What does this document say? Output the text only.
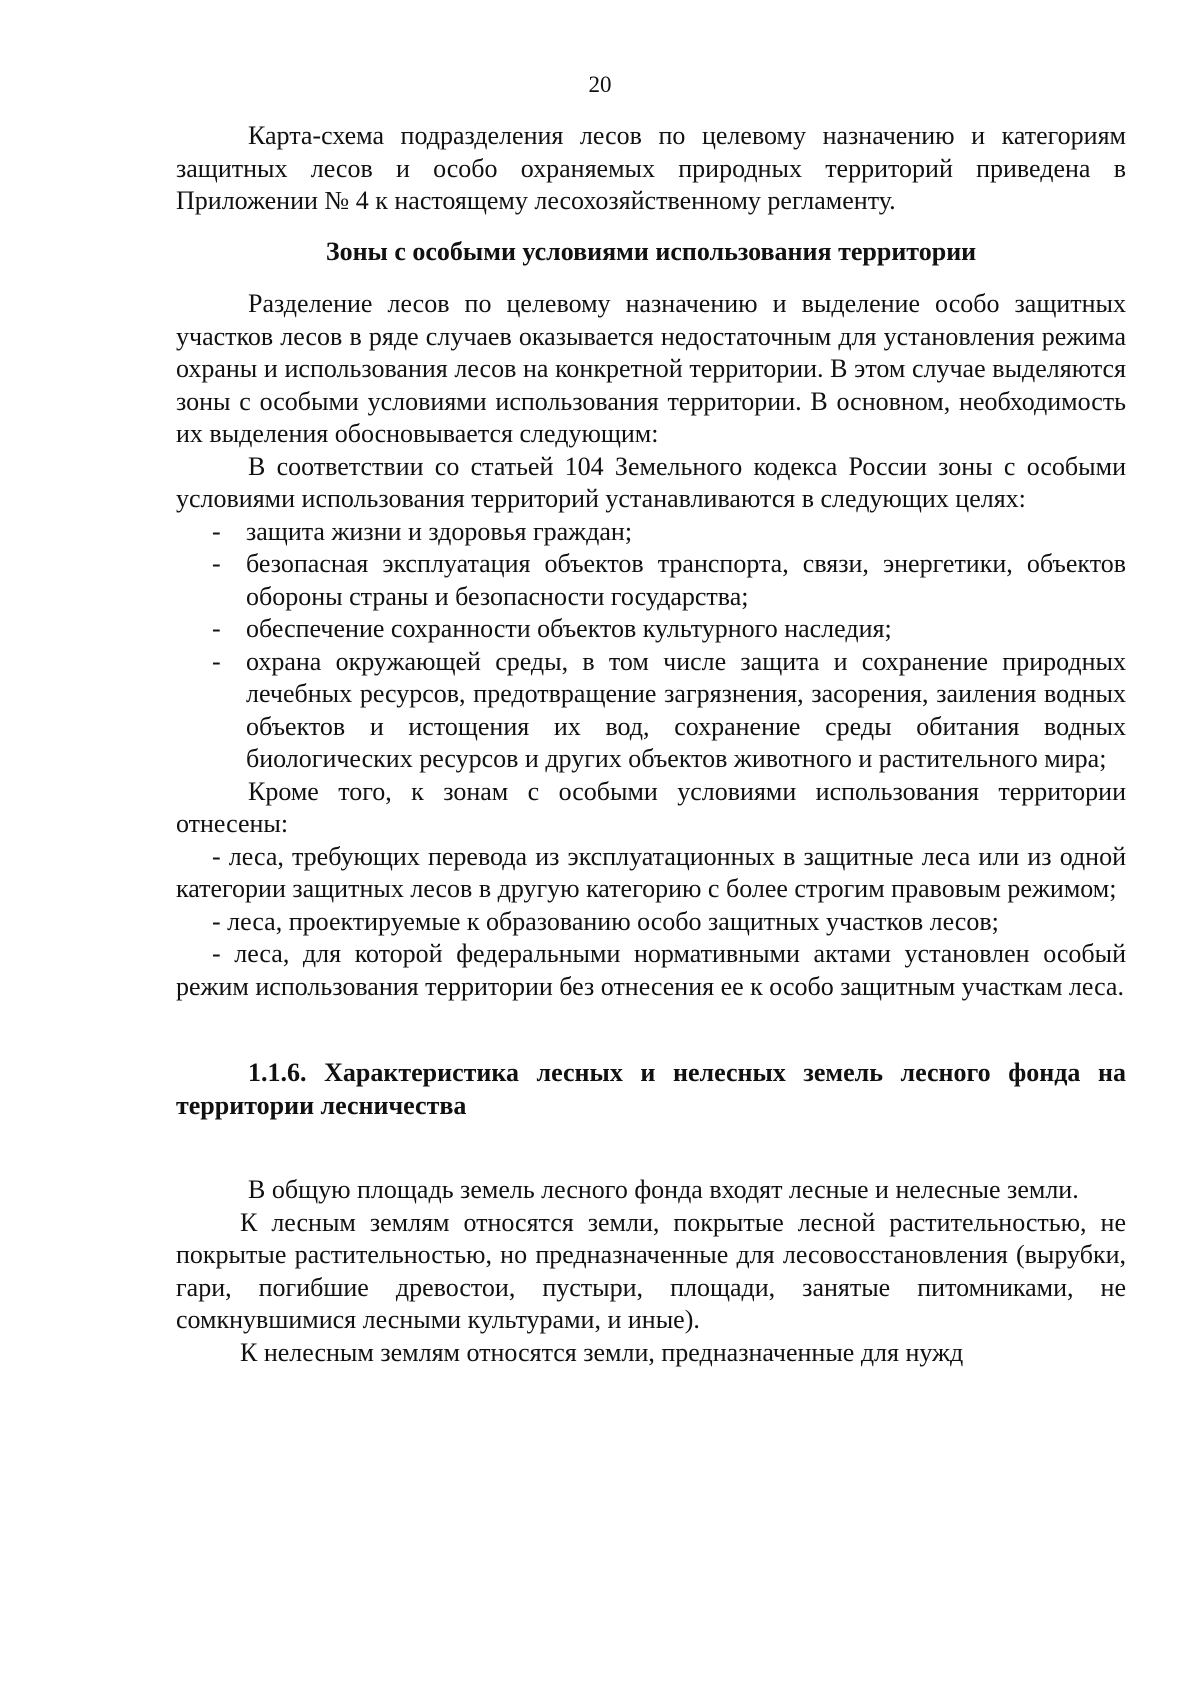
20

Карта-схема подразделения лесов по целевому назначению и категориям защитных лесов и особо охраняемых природных территорий приведена в Приложении № 4 к настоящему лесохозяйственному регламенту.

Зоны с особыми условиями использования территории

Разделение лесов по целевому назначению и выделение особо защитных участков лесов в ряде случаев оказывается недостаточным для установления режима охраны и использования лесов на конкретной территории. В этом случае выделяются зоны с особыми условиями использования территории. В основном, необходимость их выделения обосновывается следующим:

В соответствии со статьей 104 Земельного кодекса России зоны с особыми условиями использования территорий устанавливаются в следующих целях:

- защита жизни и здоровья граждан;
- безопасная эксплуатация объектов транспорта, связи, энергетики, объектов обороны страны и безопасности государства;
- обеспечение сохранности объектов культурного наследия;
- охрана окружающей среды, в том числе защита и сохранение природных лечебных ресурсов, предотвращение загрязнения, засорения, заиления водных объектов и истощения их вод, сохранение среды обитания водных биологических ресурсов и других объектов животного и растительного мира;

Кроме того, к зонам с особыми условиями использования территории отнесены:

- леса, требующих перевода из эксплуатационных в защитные леса или из одной категории защитных лесов в другую категорию с более строгим правовым режимом;

- леса, проектируемые к образованию особо защитных участков лесов;

- леса, для которой федеральными нормативными актами установлен особый режим использования территории без отнесения ее к особо защитным участкам леса.

1.1.6. Характеристика лесных и нелесных земель лесного фонда на территории лесничества

В общую площадь земель лесного фонда входят лесные и нелесные земли.

К лесным землям относятся земли, покрытые лесной растительностью, не покрытые растительностью, но предназначенные для лесовосстановления (вырубки, гари, погибшие древостои, пустыри, площади, занятые питомниками, не сомкнувшимися лесными культурами, и иные).

К нелесным землям относятся земли, предназначенные для нужд
